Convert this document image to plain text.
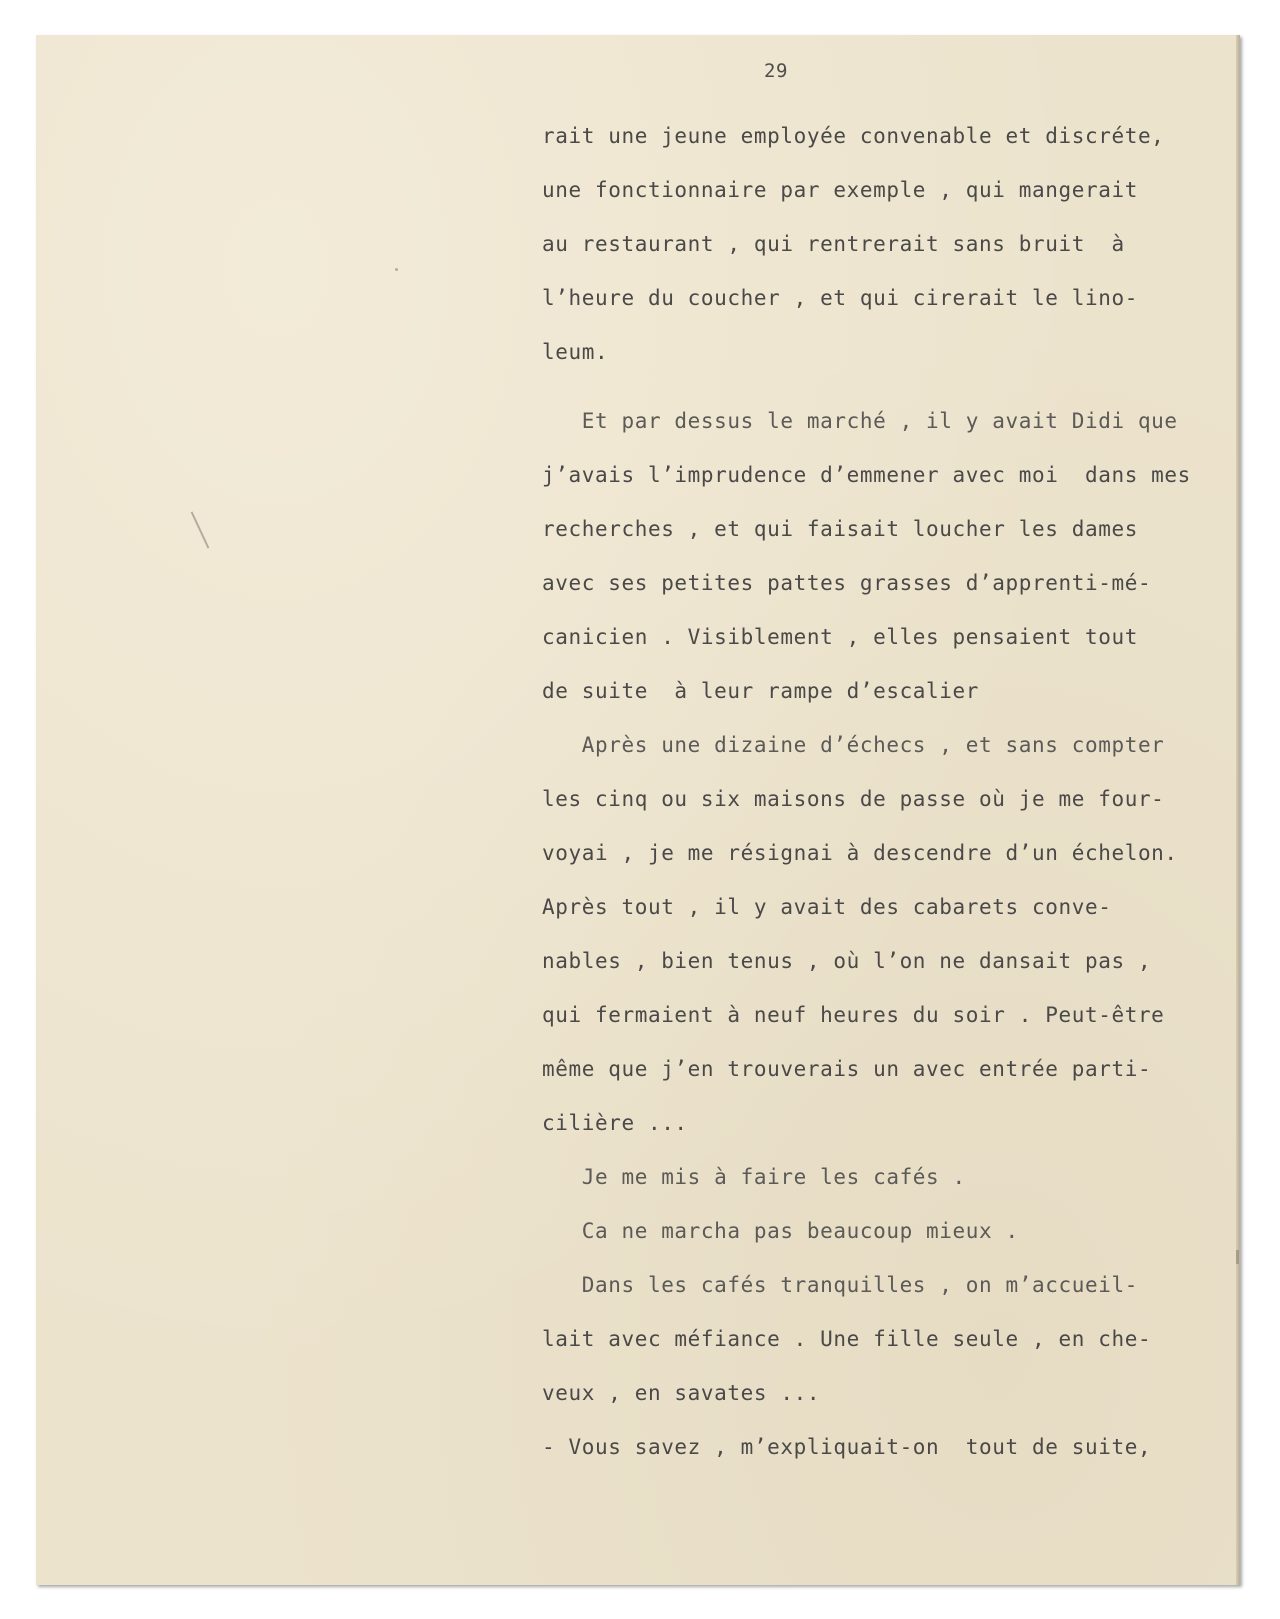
29
rait une jeune employée convenable et discréte,
une fonctionnaire par exemple , qui mangerait
au restaurant , qui rentrerait sans bruit  à
l’heure du coucher , et qui cirerait le lino-
leum.
Et par dessus le marché , il y avait Didi que
j’avais l’imprudence d’emmener avec moi  dans mes
recherches , et qui faisait loucher les dames
avec ses petites pattes grasses d’apprenti-mé-
canicien . Visiblement , elles pensaient tout
de suite  à leur rampe d’escalier
Après une dizaine d’échecs , et sans compter
les cinq ou six maisons de passe où je me four-
voyai , je me résignai à descendre d’un échelon.
Après tout , il y avait des cabarets conve-
nables , bien tenus , où l’on ne dansait pas ,
qui fermaient à neuf heures du soir . Peut-être
même que j’en trouverais un avec entrée parti-
cilière ...
Je me mis à faire les cafés .
Ca ne marcha pas beaucoup mieux .
Dans les cafés tranquilles , on m’accueil-
lait avec méfiance . Une fille seule , en che-
veux , en savates ...
- Vous savez , m’expliquait-on  tout de suite,
